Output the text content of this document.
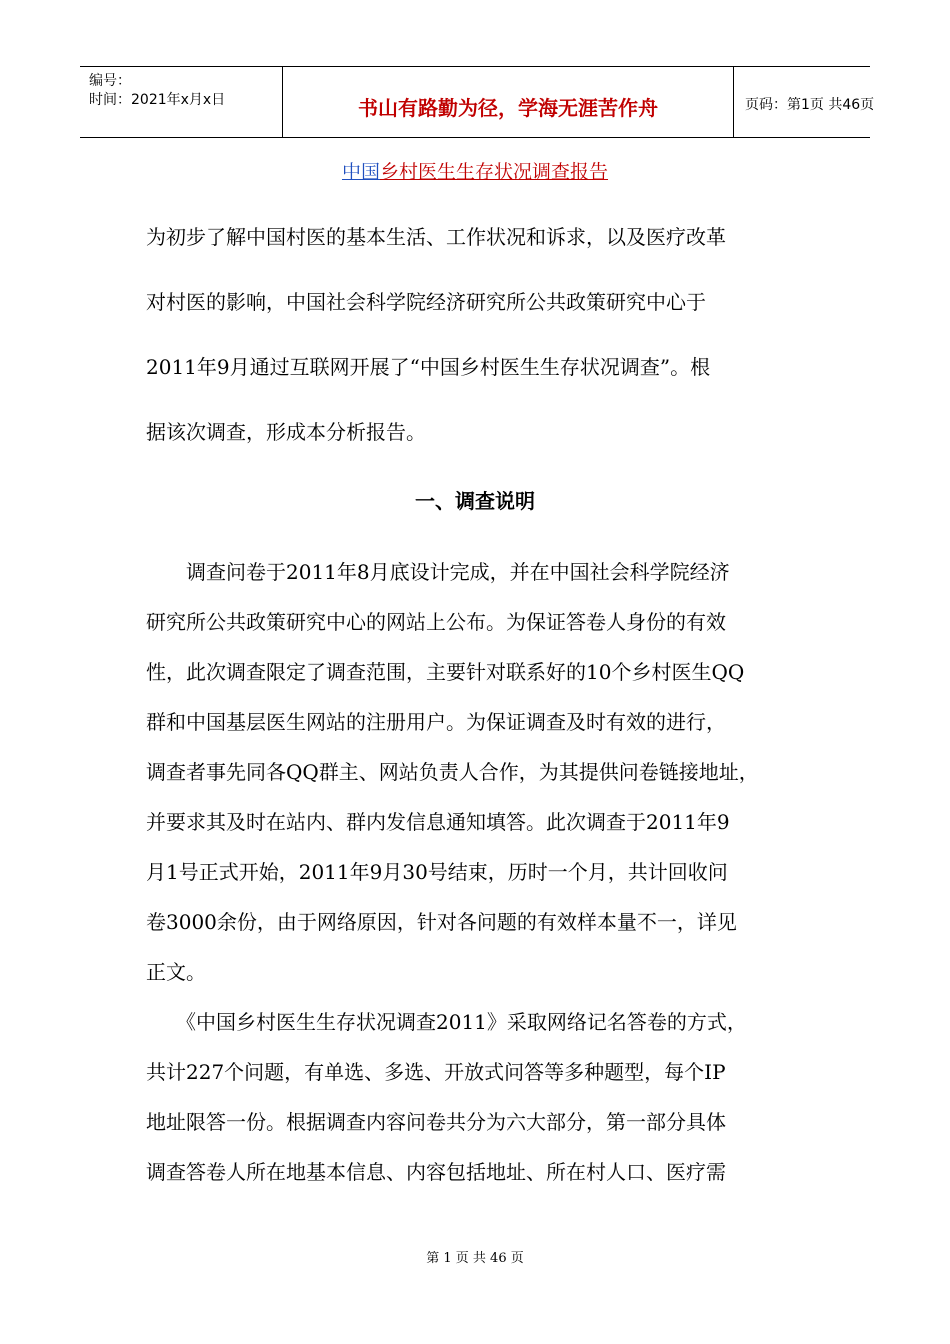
编号：
时间：2021年x月x日	书山有路勤为径，学海无涯苦作舟	页码：第1页 共46页
中国乡村医生生存状况调查报告
为初步了解中国村医的基本生活、工作状况和诉求，以及医疗改革
对村医的影响，中国社会科学院经济研究所公共政策研究中心于
2011年9月通过互联网开展了“中国乡村医生生存状况调查”。根
据该次调查，形成本分析报告。
一、调查说明
　　调查问卷于2011年8月底设计完成，并在中国社会科学院经济
研究所公共政策研究中心的网站上公布。为保证答卷人身份的有效
性，此次调查限定了调查范围，主要针对联系好的10个乡村医生QQ
群和中国基层医生网站的注册用户。为保证调查及时有效的进行，
调查者事先同各QQ群主、网站负责人合作，为其提供问卷链接地址，
并要求其及时在站内、群内发信息通知填答。此次调查于2011年9
月1号正式开始，2011年9月30号结束，历时一个月，共计回收问
卷3000余份，由于网络原因，针对各问题的有效样本量不一，详见
正文。
　　《中国乡村医生生存状况调查2011》采取网络记名答卷的方式，
共计227个问题，有单选、多选、开放式问答等多种题型，每个IP
地址限答一份。根据调查内容问卷共分为六大部分，第一部分具体
调查答卷人所在地基本信息、内容包括地址、所在村人口、医疗需
第 1 页 共 46 页
